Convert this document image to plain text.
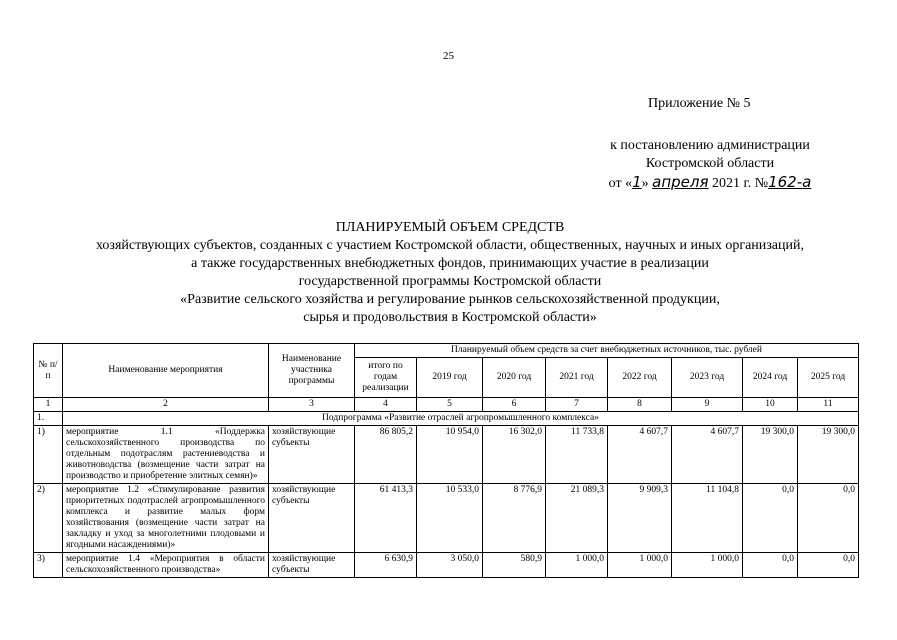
25
Приложение № 5
к постановлению администрации
Костромской области
от «1» апреля 2021 г. №162-а
ПЛАНИРУЕМЫЙ ОБЪЕМ СРЕДСТВ
хозяйствующих субъектов, созданных с участием Костромской области, общественных, научных и иных организаций,
а также государственных внебюджетных фондов, принимающих участие в реализации
государственной программы Костромской области
«Развитие сельского хозяйства и регулирование рынков сельскохозяйственной продукции,
сырья и продовольствия в Костромской области»
№ п/п	Наименование мероприятия	Наименование участника программы	Планируемый объем средств за счет внебюджетных источников, тыс. рублей							
			итого по годам реализации	2019 год	2020 год	2021 год	2022 год	2023 год	2024 год	2025 год
1	2	3	4	5	6	7	8	9	10	11
1.	Подпрограмма «Развитие отраслей агропромышленного комплекса»									
1)	мероприятие 1.1 «Поддержка сельскохозяйственного производства по отдельным подотраслям растениеводства и животноводства (возмещение части затрат на производство и приобретение элитных семян)»	хозяйствующие субъекты	86 805,2	10 954,0	16 302,0	11 733,8	4 607,7	4 607,7	19 300,0	19 300,0
2)	мероприятие 1.2 «Стимулирование развития приоритетных подотраслей агропромышленного комплекса и развитие малых форм хозяйствования (возмещение части затрат на закладку и уход за многолетними плодовыми и ягодными насаждениями)»	хозяйствующие субъекты	61 413,3	10 533,0	8 776,9	21 089,3	9 909,3	11 104,8	0,0	0,0
3)	мероприятие 1.4 «Мероприятия в области сельскохозяйственного производства»	хозяйствующие субъекты	6 630,9	3 050,0	580,9	1 000,0	1 000,0	1 000,0	0,0	0,0
